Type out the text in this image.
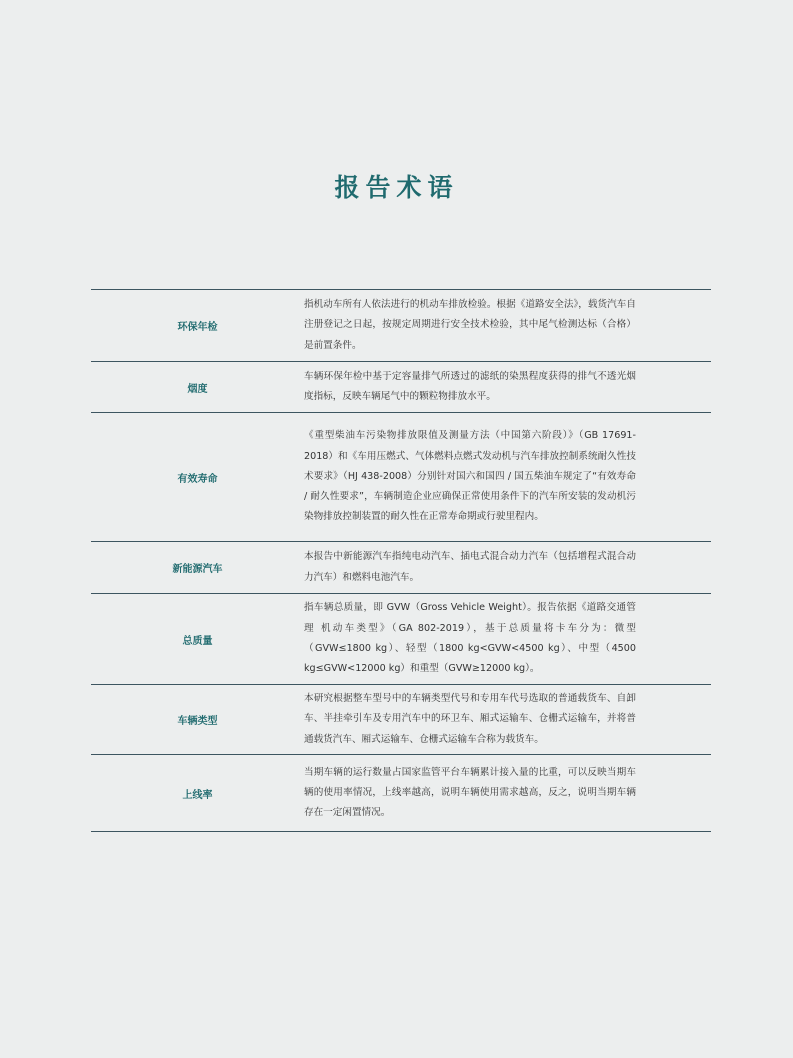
报告术语
环保年检
指机动车所有人依法进行的机动车排放检验。根据《道路安全法》，载货汽车自注册登记之日起，按规定周期进行安全技术检验，其中尾气检测达标（合格）是前置条件。
烟度
车辆环保年检中基于定容量排气所透过的滤纸的染黑程度获得的排气不透光烟度指标，反映车辆尾气中的颗粒物排放水平。
有效寿命
《重型柴油车污染物排放限值及测量方法（中国第六阶段）》（GB 17691-2018）和《车用压燃式、气体燃料点燃式发动机与汽车排放控制系统耐久性技术要求》（HJ 438-2008）分别针对国六和国四 / 国五柴油车规定了“有效寿命 / 耐久性要求”，车辆制造企业应确保正常使用条件下的汽车所安装的发动机污染物排放控制装置的耐久性在正常寿命期或行驶里程内。
新能源汽车
本报告中新能源汽车指纯电动汽车、插电式混合动力汽车（包括增程式混合动力汽车）和燃料电池汽车。
总质量
指车辆总质量，即 GVW（Gross Vehicle Weight）。报告依据《道路交通管理 机动车类型》（GA 802-2019），基于总质量将卡车分为：微型（GVW≤1800 kg）、轻型（1800 kg<GVW<4500 kg）、中型（4500 kg≤GVW<12000 kg）和重型（GVW≥12000 kg）。
车辆类型
本研究根据整车型号中的车辆类型代号和专用车代号选取的普通载货车、自卸车、半挂牵引车及专用汽车中的环卫车、厢式运输车、仓栅式运输车，并将普通载货汽车、厢式运输车、仓栅式运输车合称为载货车。
上线率
当期车辆的运行数量占国家监管平台车辆累计接入量的比重，可以反映当期车辆的使用率情况，上线率越高，说明车辆使用需求越高，反之，说明当期车辆存在一定闲置情况。
